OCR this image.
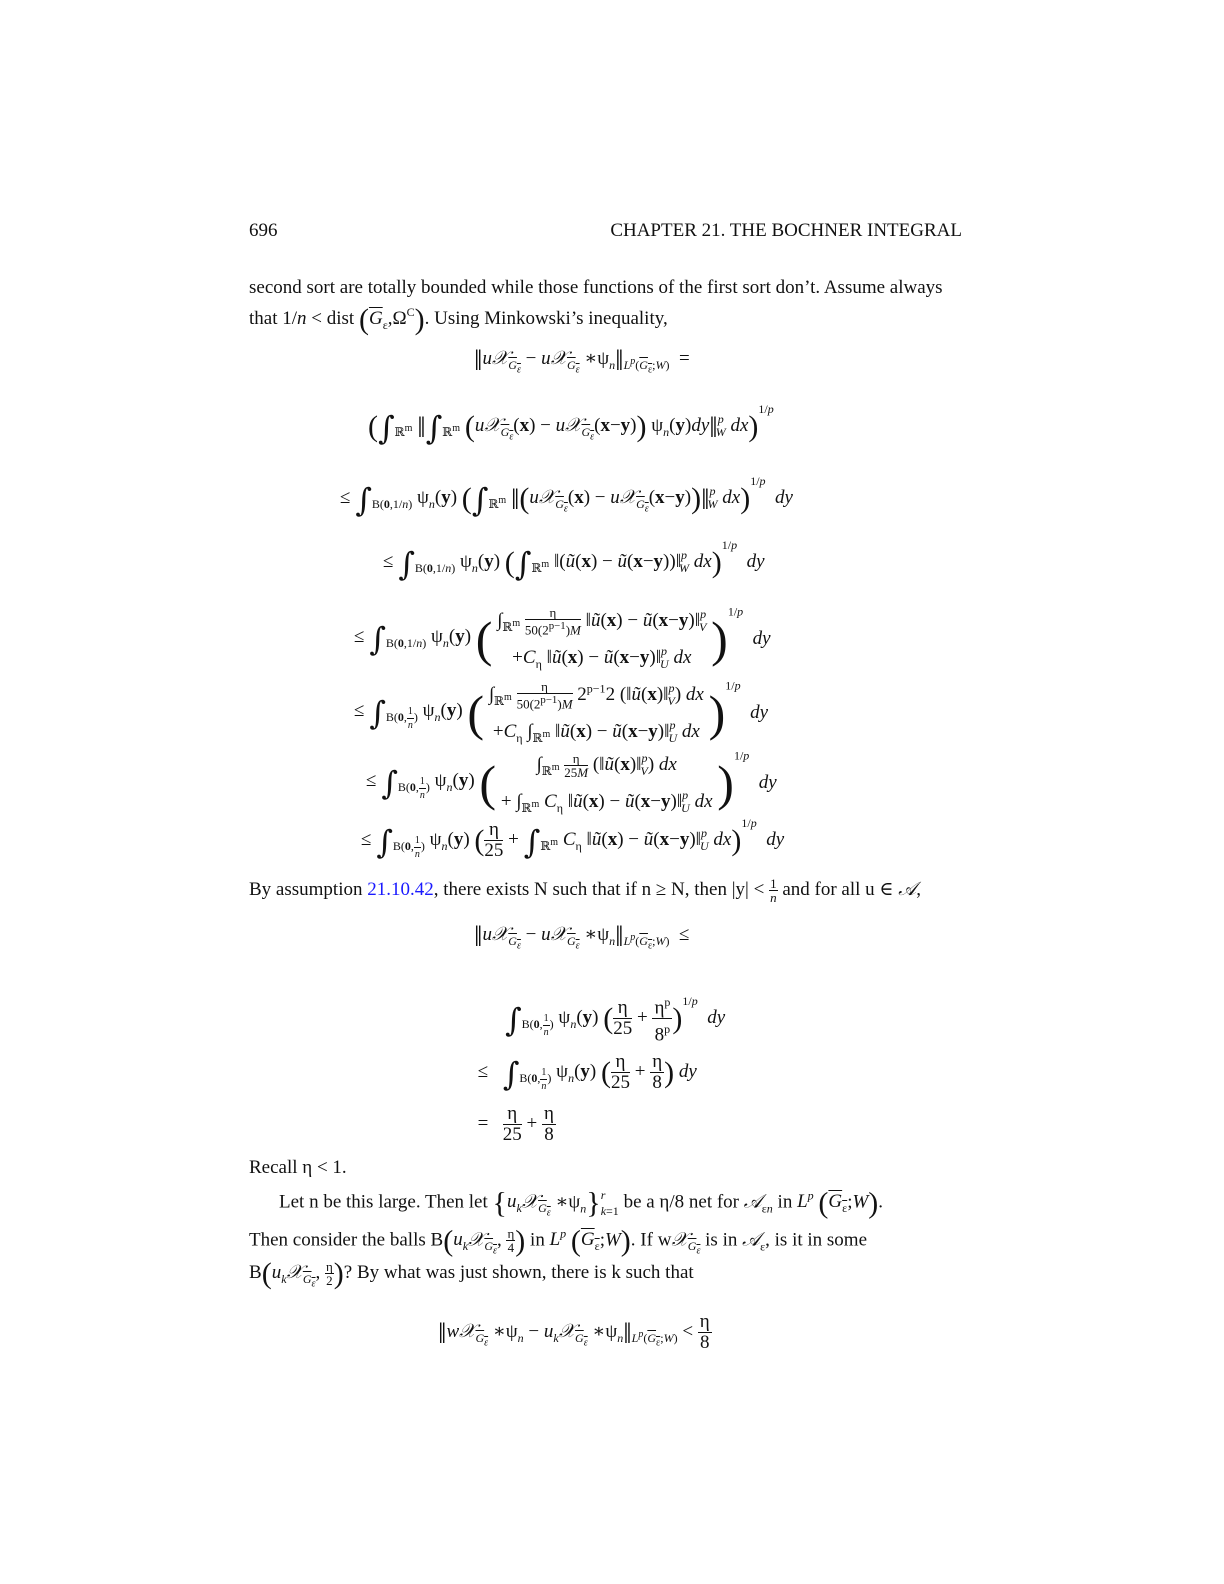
696	CHAPTER 21. THE BOCHNER INTEGRAL
second sort are totally bounded while those functions of the first sort don’t. Assume always
that 1/n < dist $(\overline{G}_\varepsilon,\Omega^C)$. Using Minkowski’s inequality,
‖u𝒳$_{G_\varepsilon}$ − u𝒳$_{G_\varepsilon}$ $∗\psi_n‖_{L^p(G_\varepsilon;W)}$  =
($\int_{ℝ^m}$ $‖\int_{ℝ^m}$ (u𝒳$_{G_\varepsilon}$(x) − u𝒳$_{G_\varepsilon}$(x−y)) $\psi_n(y)dy‖^p_W$ dx)$^{1/p}$
≤ $\int_{B(0,1/n)}$ $\psi_n(y)$ ($\int_{ℝ^m}$ ‖(u𝒳$_{G_\varepsilon}$(x) − u𝒳$_{G_\varepsilon}$(x−y))‖$^p_W$ dx)$^{1/p}$  dy
≤ $\int_{B(0,1/n)}$ $\psi_n(y)$ ($\int_{ℝ^m}$ ‖(ũ(x) − ũ(x−y))‖$^p_W$ dx)$^{1/p}$  dy
≤ $\int_{B(0,1/n)}$ $\psi_n(y)$ ( $\int_{ℝ^m} \frac{\eta}{50(2^{p-1})M}$ ‖ũ(x) − ũ(x−y)‖$^p_V$
$+C_\eta$ ‖ũ(x) − ũ(x−y)‖$^p_U$ dx )$^{1/p}$  dy
≤ $\int_{B(0, \frac{1}{n} )}$ $\psi_n(y)$ ( $\int_{ℝ^m} \frac{\eta}{50(2^{p-1})M} 2^{p-1}2$ (‖ũ(x)‖$^p_V$) dx
$+C_\eta$ $\int_{ℝ^m}$ ‖ũ(x) − ũ(x−y)‖$^p_U$ dx )$^{1/p}$  dy
≤ $\int_{B(0, \frac{1}{n} )}$ $\psi_n(y)$ (	$\int_{ℝ^m} \frac{\eta}{25M}$ (‖ũ(x)‖$^p_V$) dx
+ $\int_{ℝ^m}$ $C_\eta$ ‖ũ(x) − ũ(x−y)‖$^p_U$ dx )$^{1/p}$  dy
≤ $\int_{B(0, \frac{1}{n} )}$ $\psi_n(y)$ ( $\frac{\eta}{25} + \int_{ℝ^m}$ $C_\eta$ ‖ũ(x) − ũ(x−y)‖$^p_U$ dx)$^{1/p}$  dy
By assumption 21.10.42, there exists N such that if n ≥ N, then $|y| < \frac{1}{n}$ and for all u ∈ 𝒜,
‖u𝒳$_{G_\varepsilon}$ − u𝒳$_{G_\varepsilon}$ $∗\psi_n‖_{L^p(G_\varepsilon;W)}$  ≤
$\int_{B(0, \frac{1}{n} )}$ $\psi_n(y)$ ( $\frac{\eta}{25} + \frac{\eta^p}{8^p} )^{1/p}$  dy
≤ $\int_{B(0, \frac{1}{n} )}$ $\psi_n(y)$ ( $\frac{\eta}{25} + \frac{\eta}{8}$ ) dy
= $\frac{\eta}{25} + \frac{\eta}{8}$
Recall η < 1.
Let n be this large. Then let {$u_k𝒳_{G_\varepsilon}$ $∗\psi_n\}r$
k=1 be a η/8 net for 𝒜$_{\varepsilon n}$ in $L^p$ $(G_\varepsilon;W)$.
Then consider the balls $B(u_k𝒳_{G_\varepsilon}$, $\frac{\eta}{4}$ ) in $L^p$ $(G_\varepsilon;W)$. If w𝒳$_{G_\varepsilon}$ is in 𝒜$_\varepsilon$, is it in some
$B(u_k𝒳_{G_\varepsilon}$, $\frac{\eta}{2}$ )? By what was just shown, there is k such that
‖w𝒳$_{G_\varepsilon}$ $∗\psi_n$ − $u_k𝒳_{G_\varepsilon}$ $∗\psi_n‖_{L^p(G_\varepsilon;W)} < \frac{\eta}{8}$
